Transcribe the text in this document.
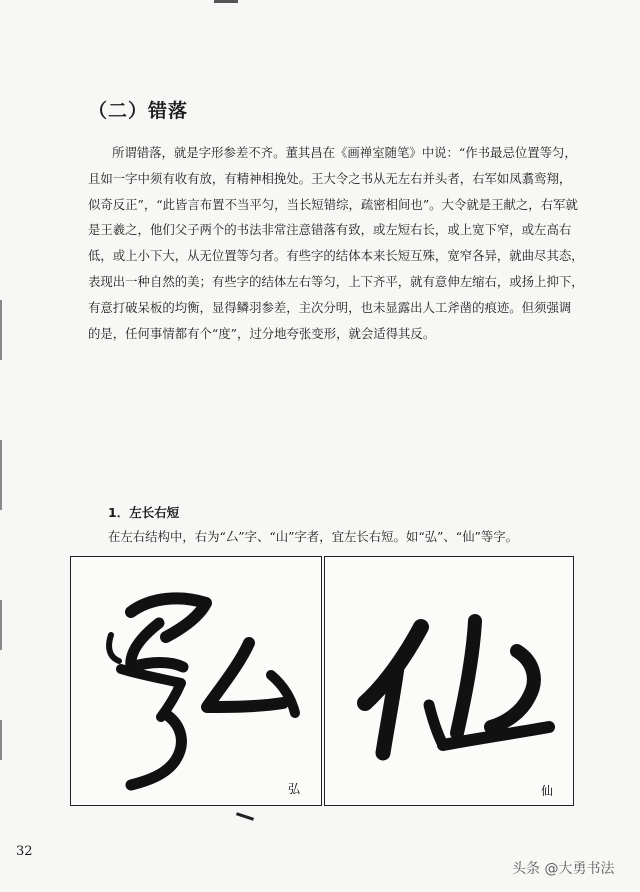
（二）错落
所谓错落，就是字形参差不齐。董其昌在《画禅室随笔》中说：“作书最忌位置等匀，
且如一字中须有收有放，有精神相挽处。王大令之书从无左右并头者，右军如凤翥鸾翔，
似奇反正”，“此皆言布置不当平匀，当长短错综，疏密相间也”。大令就是王献之，右军就
是王羲之，他们父子两个的书法非常注意错落有致，或左短右长，或上宽下窄，或左高右
低，或上小下大，从无位置等匀者。有些字的结体本来长短互殊，宽窄各异，就曲尽其态，
表现出一种自然的美；有些字的结体左右等匀，上下齐平，就有意伸左缩右，或扬上抑下，
有意打破呆板的均衡，显得鳞羽参差，主次分明，也未显露出人工斧凿的痕迹。但须强调
的是，任何事情都有个“度”，过分地夸张变形，就会适得其反。
1．左长右短
在左右结构中，右为“厶”字、“山”字者，宜左长右短。如“弘”、“仙”等字。
弘	仙
32
头条 @大勇书法
